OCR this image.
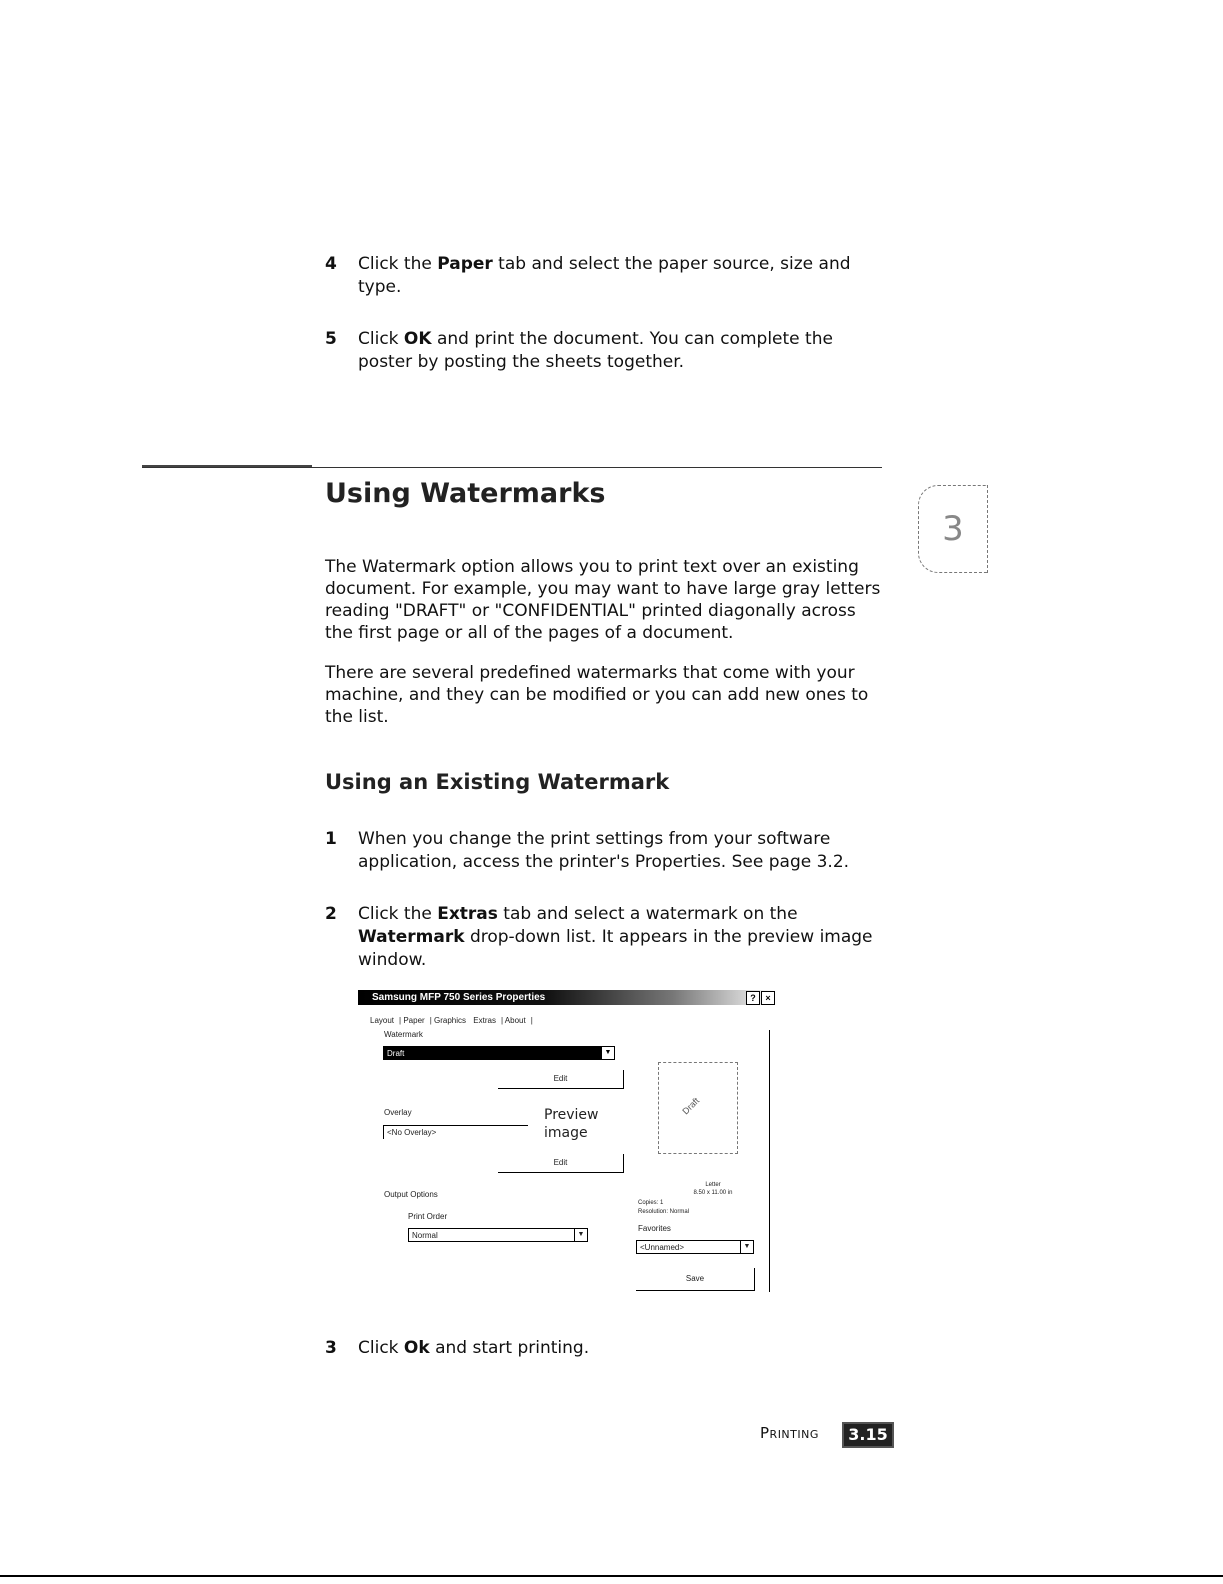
4 Click the Paper tab and select the paper source, size and type.
5 Click OK and print the document. You can complete the poster by posting the sheets together.
Using Watermarks
3
The Watermark option allows you to print text over an existing document. For example, you may want to have large gray letters reading "DRAFT" or "CONFIDENTIAL" printed diagonally across the first page or all of the pages of a document.
There are several predefined watermarks that come with your machine, and they can be modified or you can add new ones to the list.
Using an Existing Watermark
1 When you change the print settings from your software application, access the printer's Properties. See page 3.2.
2 Click the Extras tab and select a watermark on the Watermark drop-down list. It appears in the preview image window.
Samsung MFP 750 Series Properties	?	×
Layout | Paper | Graphics Extras | About |
Watermark
Draft	▼
Edit
Overlay
<No Overlay>
Preview image
Edit
Output Options
Print Order
Normal	▼
Draft
Letter
8.50 x 11.00 in
Copies: 1
Resolution: Normal
Favorites
<Unnamed>	▼
Save
3 Click Ok and start printing.
Printing	3.15
